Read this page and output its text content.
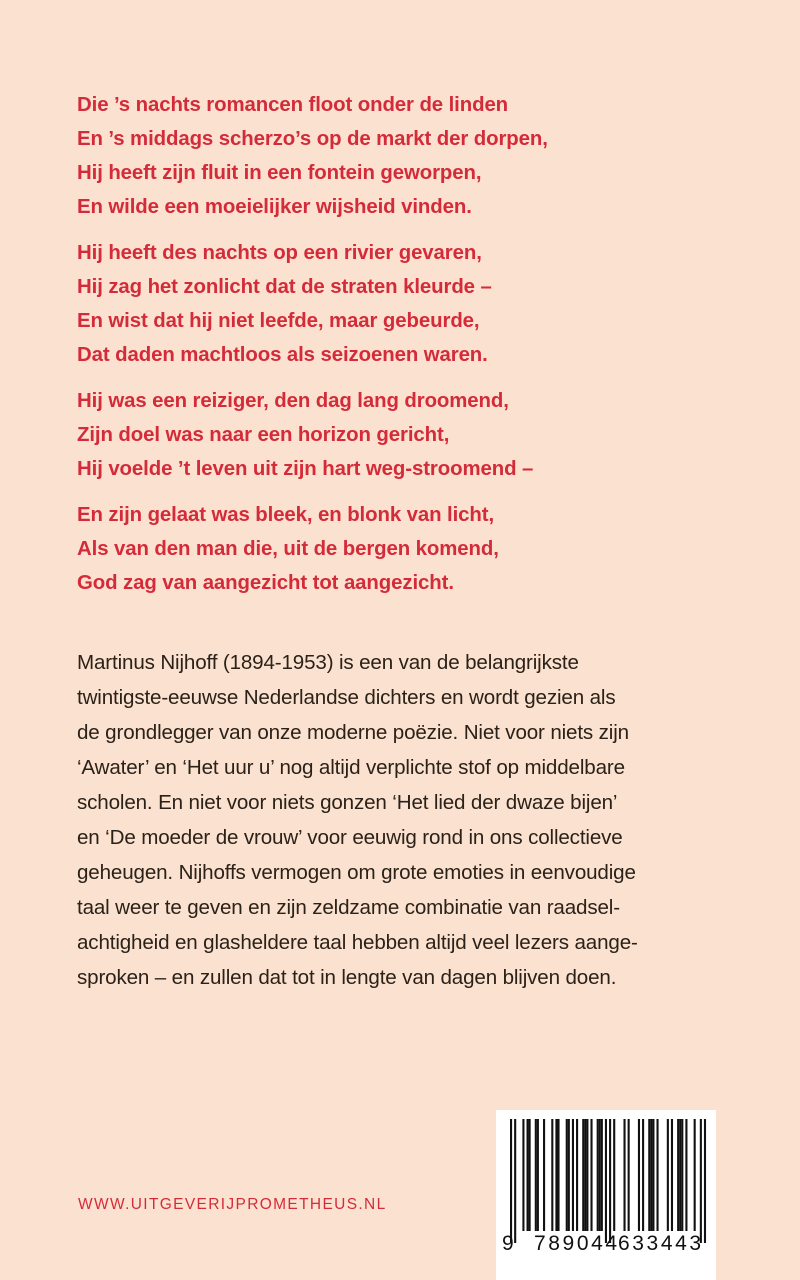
Die ’s nachts romancen floot onder de linden
En ’s middags scherzo’s op de markt der dorpen,
Hij heeft zijn fluit in een fontein geworpen,
En wilde een moeielijker wijsheid vinden.
Hij heeft des nachts op een rivier gevaren,
Hij zag het zonlicht dat de straten kleurde –
En wist dat hij niet leefde, maar gebeurde,
Dat daden machtloos als seizoenen waren.
Hij was een reiziger, den dag lang droomend,
Zijn doel was naar een horizon gericht,
Hij voelde ’t leven uit zijn hart weg-stroomend –
En zijn gelaat was bleek, en blonk van licht,
Als van den man die, uit de bergen komend,
God zag van aangezicht tot aangezicht.
Martinus Nijhoff (1894-1953) is een van de belangrijkste
twintigste-eeuwse Nederlandse dichters en wordt gezien als
de grondlegger van onze moderne poëzie. Niet voor niets zijn
‘Awater’ en ‘Het uur u’ nog altijd verplichte stof op middelbare
scholen. En niet voor niets gonzen ‘Het lied der dwaze bijen’
en ‘De moeder de vrouw’ voor eeuwig rond in ons collectieve
geheugen. Nijhoffs vermogen om grote emoties in eenvoudige
taal weer te geven en zijn zeldzame combinatie van raadsel-
achtigheid en glasheldere taal hebben altijd veel lezers aange-
sproken – en zullen dat tot in lengte van dagen blijven doen.
WWW.UITGEVERIJPROMETHEUS.NL

9

789044

633443
